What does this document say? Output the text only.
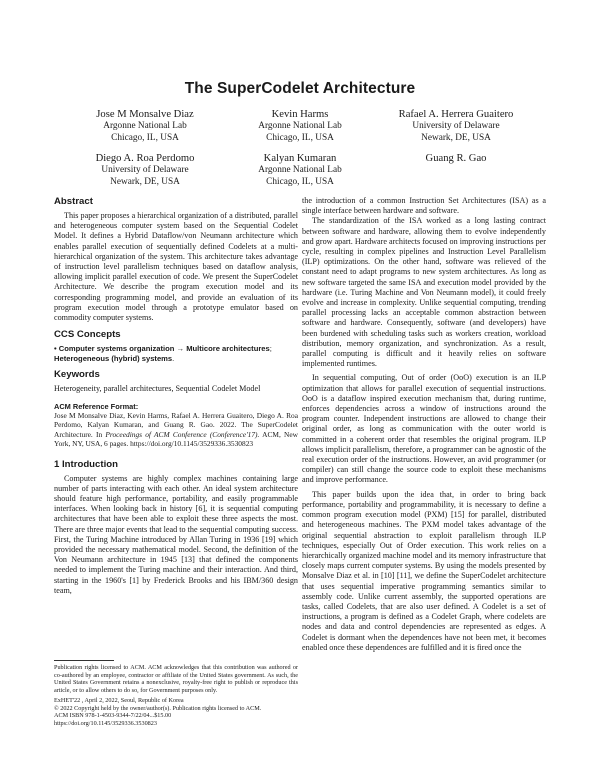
The SuperCodelet Architecture
Jose M Monsalve Diaz
Argonne National Lab
Chicago, IL, USA
Kevin Harms
Argonne National Lab
Chicago, IL, USA
Rafael A. Herrera Guaitero
University of Delaware
Newark, DE, USA
Diego A. Roa Perdomo
University of Delaware
Newark, DE, USA
Kalyan Kumaran
Argonne National Lab
Chicago, IL, USA
Guang R. Gao

Abstract

This paper proposes a hierarchical organization of a distributed, parallel and heterogeneous computer system based on the Sequential Codelet Model. It defines a Hybrid Dataflow/von Neumann architecture which enables parallel execution of sequentially defined Codelets at a multi-hierarchical organization of the system. This architecture takes advantage of instruction level parallelism techniques based on dataflow analysis, allowing implicit parallel execution of code. We present the SuperCodelet Architecture. We describe the program execution model and its corresponding programming model, and provide an evaluation of its program execution model through a prototype emulator based on commodity computer systems.

CCS Concepts
• Computer systems organization → Multicore architectures; Heterogeneous (hybrid) systems.
Keywords
Heterogeneity, parallel architectures, Sequential Codelet Model
ACM Reference Format:
Jose M Monsalve Diaz, Kevin Harms, Rafael A. Herrera Guaitero, Diego A. Roa Perdomo, Kalyan Kumaran, and Guang R. Gao. 2022. The SuperCodelet Architecture. In Proceedings of ACM Conference (Conference'17). ACM, New York, NY, USA, 6 pages. https://doi.org/10.1145/3529336.3530823
1 Introduction

Computer systems are highly complex machines containing large number of parts interacting with each other. An ideal system architecture should feature high performance, portability, and easily programmable interfaces. When looking back in history [6], it is sequential computing architectures that have been able to exploit these three aspects the most. There are three major events that lead to the sequential computing success. First, the Turing Machine introduced by Allan Turing in 1936 [19] which provided the necessary mathematical model. Second, the definition of the Von Neumann architecture in 1945 [13] that defined the components needed to implement the Turing machine and their interaction. And third, starting in the 1960's [1] by Frederick Brooks and his IBM/360 design team,

Publication rights licensed to ACM. ACM acknowledges that this contribution was authored or co-authored by an employee, contractor or affiliate of the United States government. As such, the United States Government retains a nonexclusive, royalty-free right to publish or reproduce this article, or to allow others to do so, for Government purposes only.

ExHET'22 , April 2, 2022, Seoul, Republic of Korea
© 2022 Copyright held by the owner/author(s). Publication rights licensed to ACM.
ACM ISBN 978-1-4503-9344-7/22/04...$15.00
https://doi.org/10.1145/3529336.3530823

the introduction of a common Instruction Set Architectures (ISA) as a single interface between hardware and software.

The standardization of the ISA worked as a long lasting contract between software and hardware, allowing them to evolve independently and grow apart. Hardware architects focused on improving instructions per cycle, resulting in complex pipelines and Instruction Level Parallelism (ILP) optimizations. On the other hand, software was relieved of the constant need to adapt programs to new system architectures. As long as new software targeted the same ISA and execution model provided by the hardware (i.e. Turing Machine and Von Neumann model), it could freely evolve and increase in complexity. Unlike sequential computing, trending parallel processing lacks an acceptable common abstraction between software and hardware. Consequently, software (and developers) have been burdened with scheduling tasks such as workers creation, workload distribution, memory organization, and synchronization. As a result, parallel computing is difficult and it heavily relies on software implemented runtimes.

In sequential computing, Out of order (OoO) execution is an ILP optimization that allows for parallel execution of sequential instructions. OoO is a dataflow inspired execution mechanism that, during runtime, enforces dependencies across a window of instructions around the program counter. Independent instructions are allowed to change their original order, as long as communication with the outer world is committed in a coherent order that resembles the original program. ILP allows implicit parallelism, therefore, a programmer can be agnostic of the real execution order of the instructions. However, an avid programmer (or compiler) can still change the source code to exploit these mechanisms and improve performance.

This paper builds upon the idea that, in order to bring back performance, portability and programmability, it is necessary to define a common program execution model (PXM) [15] for parallel, distributed and heterogeneous machines. The PXM model takes advantage of the original sequential abstraction to exploit parallelism through ILP techniques, especially Out of Order execution. This work relies on a hierarchically organized machine model and its memory infrastructure that closely maps current computer systems. By using the models presented by Monsalve Diaz et al. in [10] [11], we define the SuperCodelet architecture that uses sequential imperative programming semantics similar to assembly code. Unlike current assembly, the supported operations are tasks, called Codelets, that are also user defined. A Codelet is a set of instructions, a program is defined as a Codelet Graph, where codelets are nodes and data and control dependencies are represented as edges. A Codelet is dormant when the dependences have not been met, it becomes enabled once these dependences are fulfilled and it is fired once the
